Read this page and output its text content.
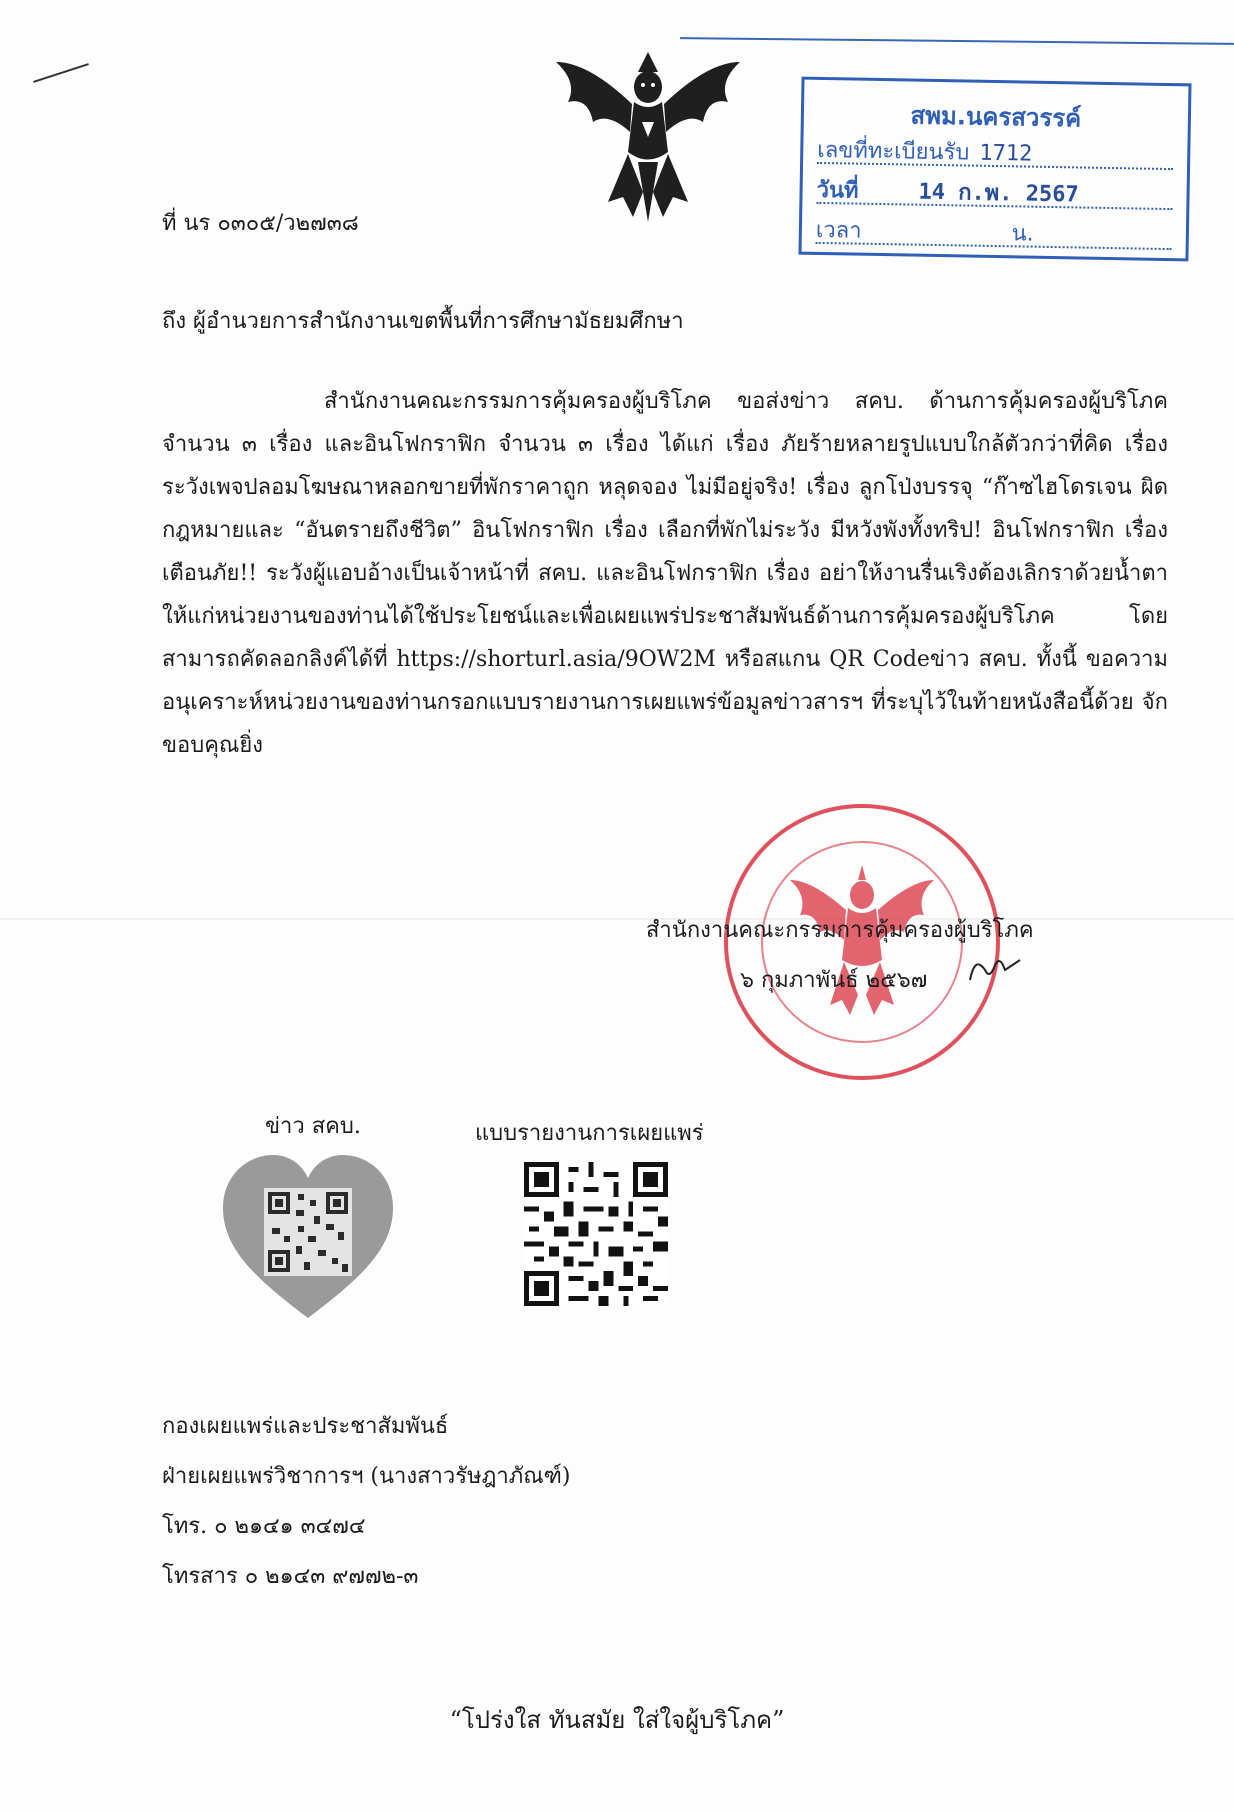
ที่ นร ๐๓๐๕/ว๒๗๓๘
สพม.นครสวรรค์
เลขที่ทะเบียนรับ 1712
วันที่	14 ก.พ. 2567
เวลา	น.
ถึง ผู้อำนวยการสำนักงานเขตพื้นที่การศึกษามัธยมศึกษา
สำนักงานคณะกรรมการคุ้มครองผู้บริโภค ขอส่งข่าว สคบ. ด้านการคุ้มครองผู้บริโภค จำนวน ๓ เรื่อง และอินโฟกราฟิก จำนวน ๓ เรื่อง ได้แก่ เรื่อง ภัยร้ายหลายรูปแบบใกล้ตัวกว่าที่คิด เรื่อง ระวังเพจปลอมโฆษณาหลอกขายที่พักราคาถูก หลุดจอง ไม่มีอยู่จริง! เรื่อง ลูกโป่งบรรจุ “ก๊าซไฮโดรเจน ผิดกฎหมายและ “อันตรายถึงชีวิต” อินโฟกราฟิก เรื่อง เลือกที่พักไม่ระวัง มีหวังพังทั้งทริป! อินโฟกราฟิก เรื่อง เตือนภัย!! ระวังผู้แอบอ้างเป็นเจ้าหน้าที่ สคบ. และอินโฟกราฟิก เรื่อง อย่าให้งานรื่นเริงต้องเลิกราด้วยน้ำตา ให้แก่หน่วยงานของท่านได้ใช้ประโยชน์และเพื่อเผยแพร่ประชาสัมพันธ์ด้านการคุ้มครองผู้บริโภค โดยสามารถคัดลอกลิงค์ได้ที่ https://shorturl.asia/9OW2M หรือสแกน QR Codeข่าว สคบ. ทั้งนี้ ขอความอนุเคราะห์หน่วยงานของท่านกรอกแบบรายงานการเผยแพร่ข้อมูลข่าวสารฯ ที่ระบุไว้ในท้ายหนังสือนี้ด้วย จักขอบคุณยิ่ง
สำนักงานคณะกรรมการคุ้มครองผู้บริโภค
๖ กุมภาพันธ์ ๒๕๖๗
ข่าว สคบ.	แบบรายงานการเผยแพร่
กองเผยแพร่และประชาสัมพันธ์
ฝ่ายเผยแพร่วิชาการฯ (นางสาวรัษฎาภัณฑ์)
โทร. ๐ ๒๑๔๑ ๓๔๗๔
โทรสาร ๐ ๒๑๔๓ ๙๗๗๒-๓
“โปร่งใส ทันสมัย ใส่ใจผู้บริโภค”
